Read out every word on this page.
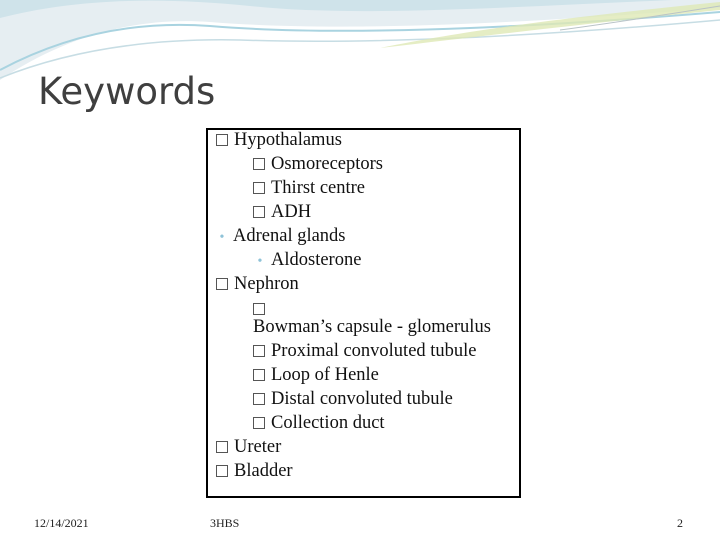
Keywords
Hypothalamus
Osmoreceptors
Thirst centre
ADH
• Adrenal glands
• Aldosterone
Nephron
Bowman’s capsule - glomerulus
Proximal convoluted tubule
Loop of Henle
Distal convoluted tubule
Collection duct
Ureter
Bladder
12/14/2021	3HBS	2
